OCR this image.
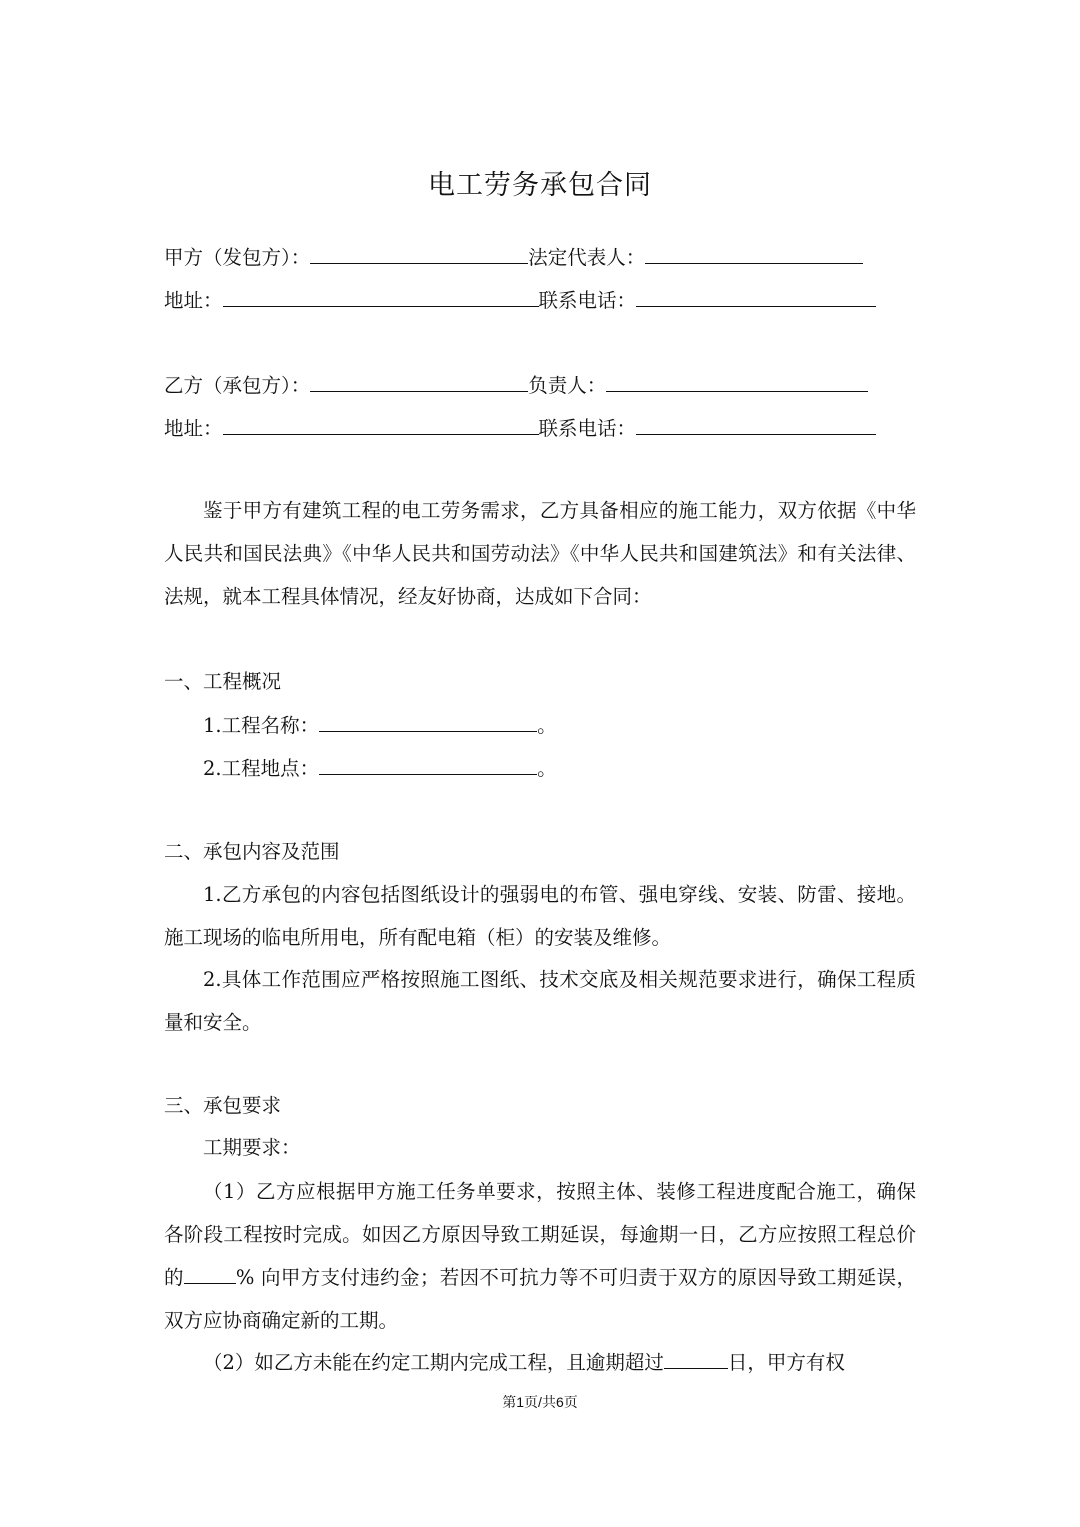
电工劳务承包合同
甲方（发包方）：	法定代表人：
地址：	联系电话：
乙方（承包方）：	负责人：
地址：	联系电话：
鉴于甲方有建筑工程的电工劳务需求，乙方具备相应的施工能力，双方依据《中华人民共和国民法典》《中华人民共和国劳动法》《中华人民共和国建筑法》和有关法律、法规，就本工程具体情况，经友好协商，达成如下合同：
一、工程概况
1.工程名称：	。
2.工程地点：	。
二、承包内容及范围
1.乙方承包的内容包括图纸设计的强弱电的布管、强电穿线、安装、防雷、接地。施工现场的临电所用电，所有配电箱（柜）的安装及维修。
2.具体工作范围应严格按照施工图纸、技术交底及相关规范要求进行，确保工程质量和安全。
三、承包要求
工期要求：
（1）乙方应根据甲方施工任务单要求，按照主体、装修工程进度配合施工，确保各阶段工程按时完成。如因乙方原因导致工期延误，每逾期一日，乙方应按照工程总价的	% 向甲方支付违约金；若因不可抗力等不可归责于双方的原因导致工期延误，双方应协商确定新的工期。
（2）如乙方未能在约定工期内完成工程，且逾期超过	日，甲方有权
第1页/共6页
